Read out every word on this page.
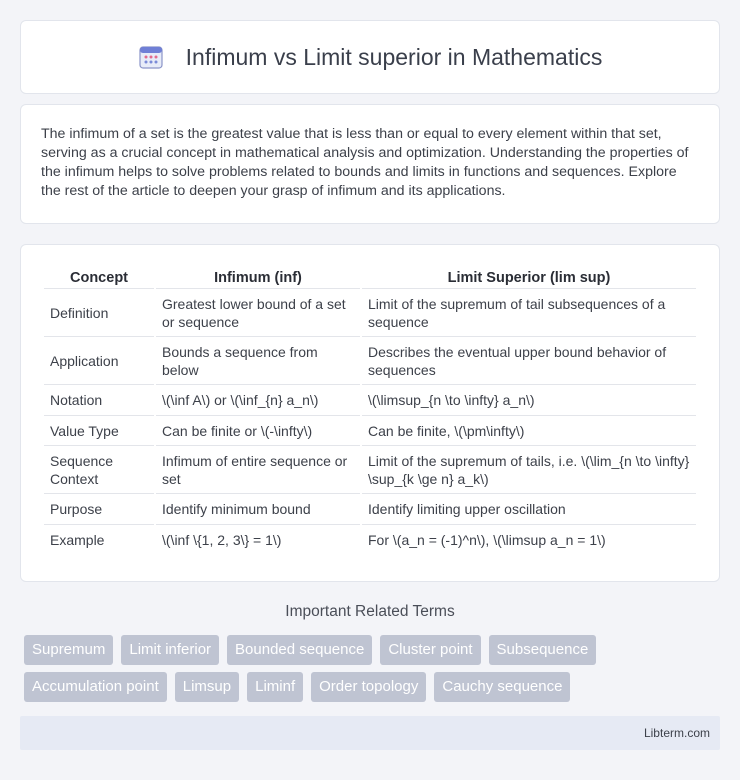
Infimum vs Limit superior in Mathematics

The infimum of a set is the greatest value that is less than or equal to every element within that set, serving as a crucial concept in mathematical analysis and optimization. Understanding the properties of the infimum helps to solve problems related to bounds and limits in functions and sequences. Explore the rest of the article to deepen your grasp of infimum and its applications.

Concept	Infimum (inf)	Limit Superior (lim sup)
Definition	Greatest lower bound of a set or sequence	Limit of the supremum of tail subsequences of a sequence
Application	Bounds a sequence from below	Describes the eventual upper bound behavior of sequences
Notation	\(\inf A\) or \(\inf_{n} a_n\)	\(\limsup_{n \to \infty} a_n\)
Value Type	Can be finite or \(-\infty\)	Can be finite, \(\pm\infty\)
Sequence Context	Infimum of entire sequence or set	Limit of the supremum of tails, i.e. \(\lim_{n \to \infty} \sup_{k \ge n} a_k\)
Purpose	Identify minimum bound	Identify limiting upper oscillation
Example	\(\inf \{1, 2, 3\} = 1\)	For \(a_n = (-1)^n\), \(\limsup a_n = 1\)
Important Related Terms
Supremum	Limit inferior	Bounded sequence	Cluster point	Subsequence
Accumulation point	Limsup	Liminf	Order topology	Cauchy sequence
Libterm.com
